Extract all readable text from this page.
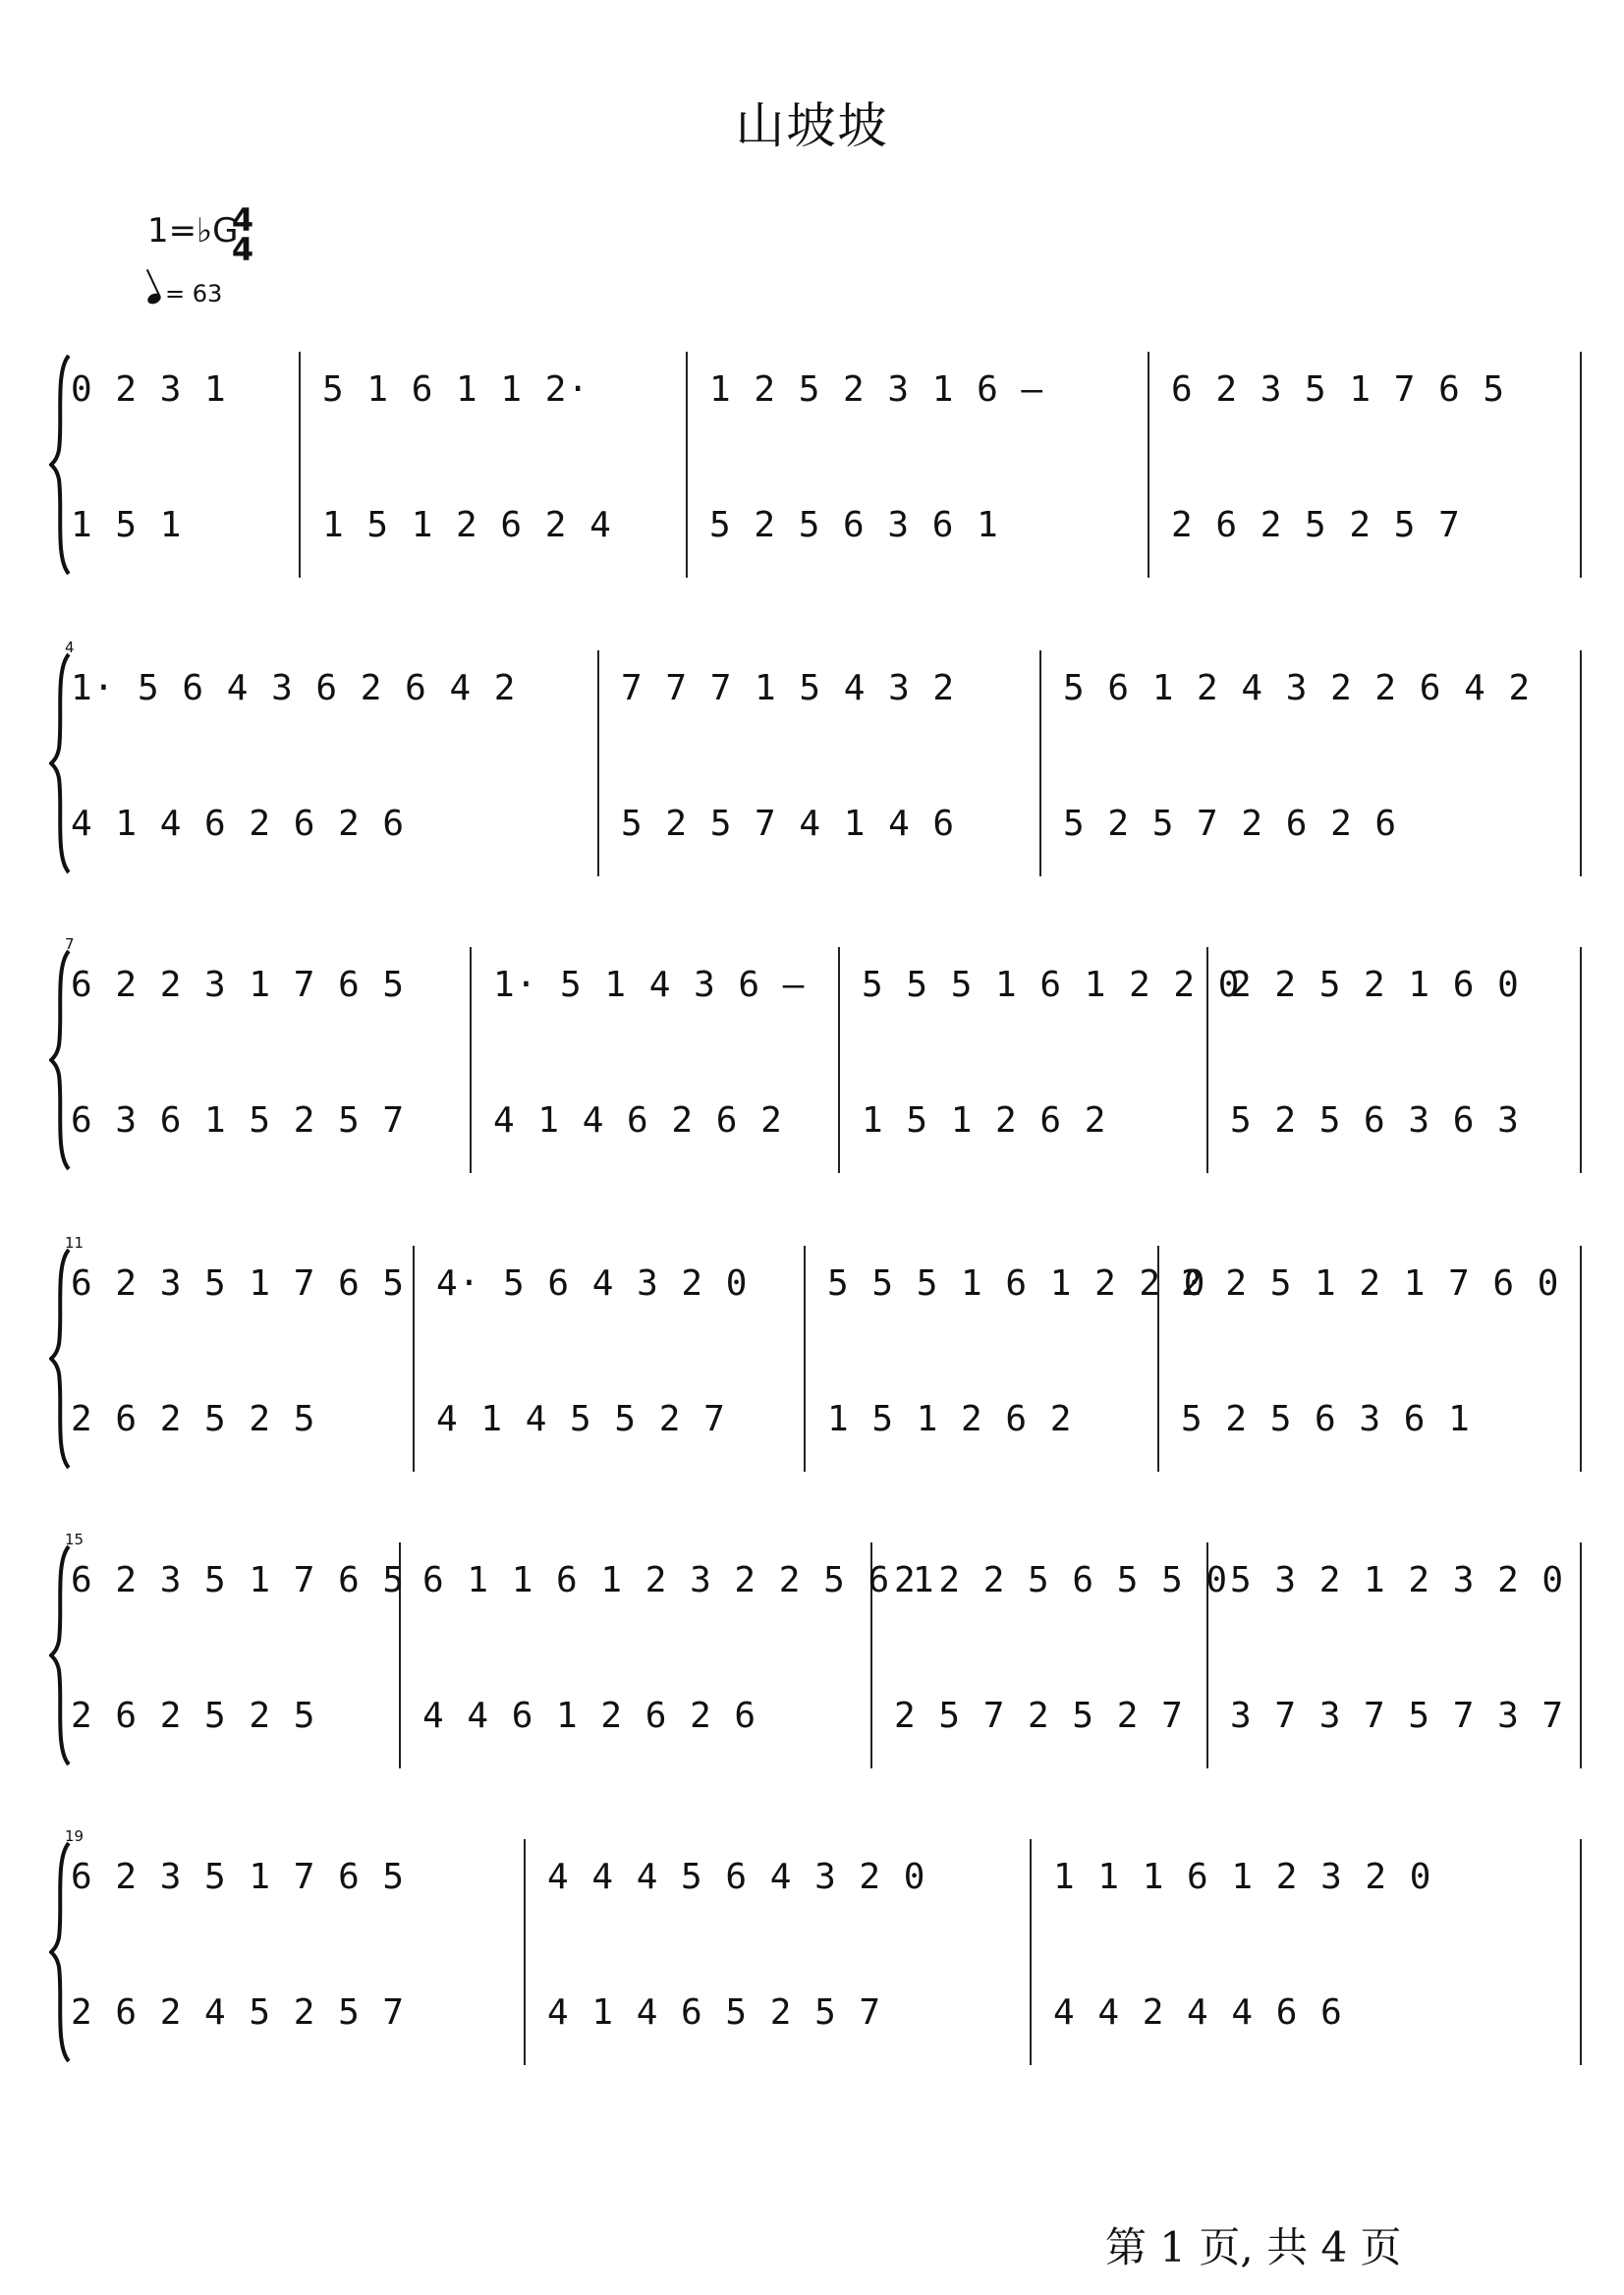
山坡坡
1=♭G
4
4
= 63
0 2 3 1
1 5 1
5 1 6 1 1 2·
1 5 1 2 6 2 4
1 2 5 2 3 1 6 –
5 2 5 6 3 6 1
6 2 3 5 1 7 6 5
2 6 2 5 2 5 7
4
1· 5 6 4 3 6 2 6 4 2
4 1 4 6 2 6 2 6
7 7 7 1 5 4 3 2
5 2 5 7 4 1 4 6
5 6 1 2 4 3 2 2 6 4 2
5 2 5 7 2 6 2 6
7
6 2 2 3 1 7 6 5
6 3 6 1 5 2 5 7
1· 5 1 4 3 6 –
4 1 4 6 2 6 2
5 5 5 1 6 1 2 2 0
1 5 1 2 6 2
2 2 5 2 1 6 0
5 2 5 6 3 6 3
11
6 2 3 5 1 7 6 5
2 6 2 5 2 5
4· 5 6 4 3 2 0
4 1 4 5 5 2 7
5 5 5 1 6 1 2 2 0
1 5 1 2 6 2
2 2 5 1 2 1 7 6 0
5 2 5 6 3 6 1
15
6 2 3 5 1 7 6 5
2 6 2 5 2 5
6 1 1 6 1 2 3 2 2 5 6 1
4 4 6 1 2 6 2 6
2 2 2 5 6 5 5 0
2 5 7 2 5 2 7
5 3 2 1 2 3 2 0
3 7 3 7 5 7 3 7
19
6 2 3 5 1 7 6 5
2 6 2 4 5 2 5 7
4 4 4 5 6 4 3 2 0
4 1 4 6 5 2 5 7
1 1 1 6 1 2 3 2 0
4 4 2 4 4 6 6
第 1 页, 共 4 页
